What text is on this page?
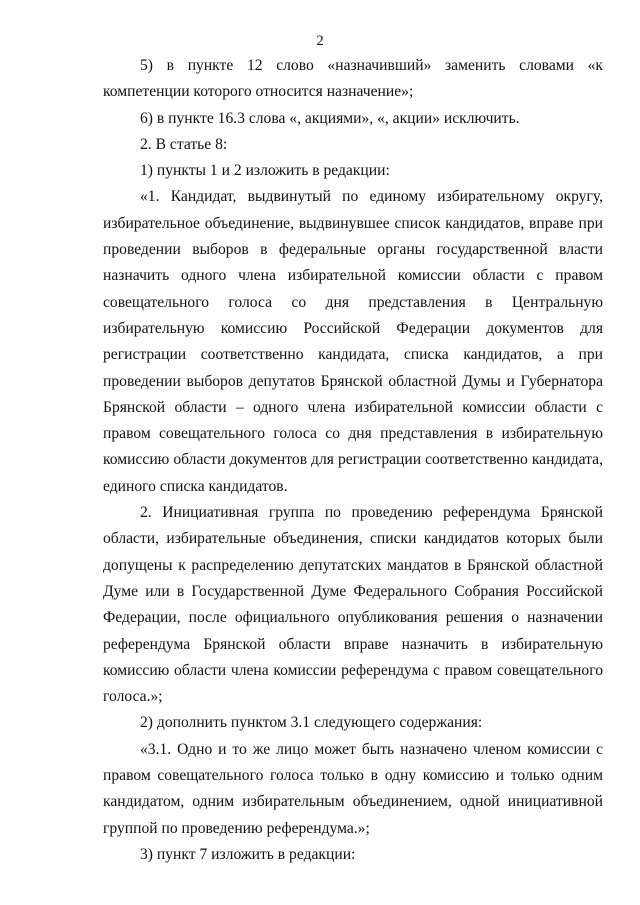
2

5) в пункте 12 слово «назначивший» заменить словами «к компетенции которого относится назначение»;

6) в пункте 16.3 слова «, акциями», «, акции» исключить.

2. В статье 8:

1) пункты 1 и 2 изложить в редакции:

«1. Кандидат, выдвинутый по единому избирательному округу, избирательное объединение, выдвинувшее список кандидатов, вправе при проведении выборов в федеральные органы государственной власти назначить одного члена избирательной комиссии области с правом совещательного голоса со дня представления в Центральную избирательную комиссию Российской Федерации документов для регистрации соответственно кандидата, списка кандидатов, а при проведении выборов депутатов Брянской областной Думы и Губернатора Брянской области – одного члена избирательной комиссии области с правом совещательного голоса со дня представления в избирательную комиссию области документов для регистрации соответственно кандидата, единого списка кандидатов.

2. Инициативная группа по проведению референдума Брянской области, избирательные объединения, списки кандидатов которых были допущены к распределению депутатских мандатов в Брянской областной Думе или в Государственной Думе Федерального Собрания Российской Федерации, после официального опубликования решения о назначении референдума Брянской области вправе назначить в избирательную комиссию области члена комиссии референдума с правом совещательного голоса.»;

2) дополнить пунктом 3.1 следующего содержания:

«3.1. Одно и то же лицо может быть назначено членом комиссии с правом совещательного голоса только в одну комиссию и только одним кандидатом, одним избирательным объединением, одной инициативной группой по проведению референдума.»;

3) пункт 7 изложить в редакции:
